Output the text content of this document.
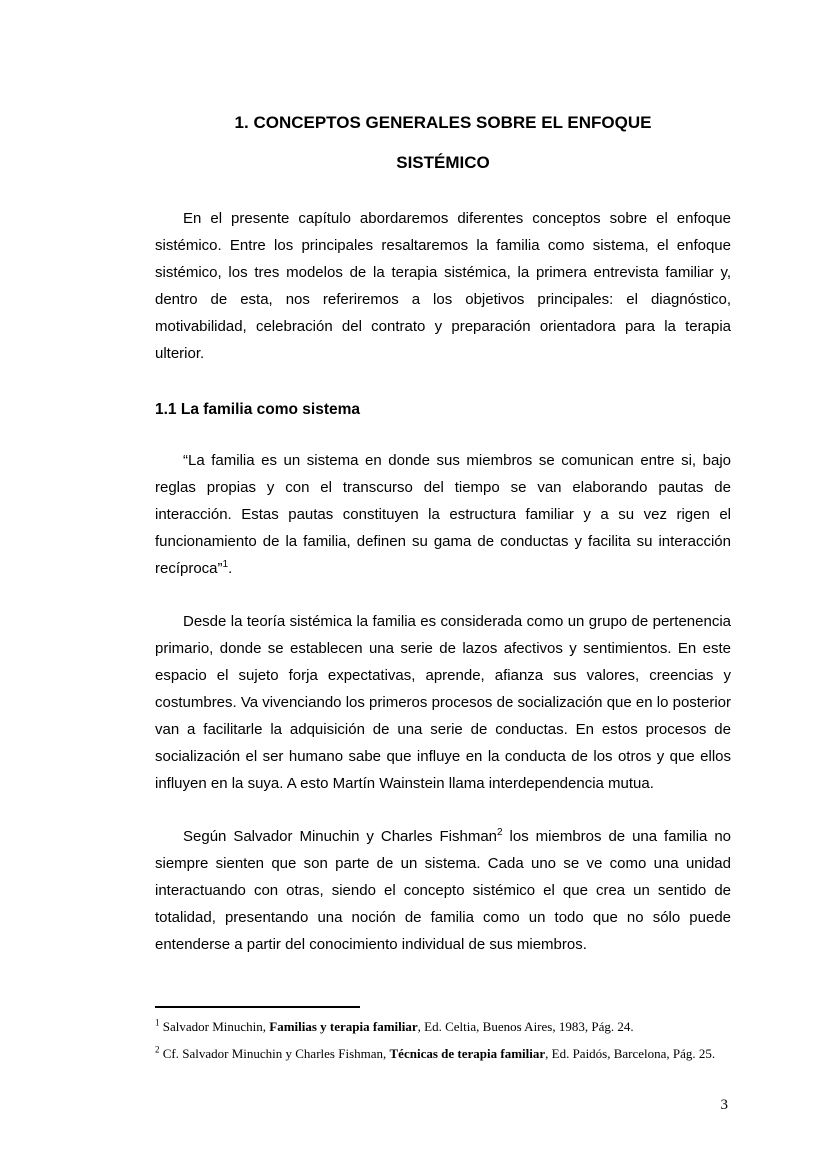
1. CONCEPTOS GENERALES SOBRE EL ENFOQUE
SISTÉMICO

En el presente capítulo abordaremos diferentes conceptos sobre el enfoque sistémico. Entre los principales resaltaremos la familia como sistema, el enfoque sistémico, los tres modelos de la terapia sistémica, la primera entrevista familiar y, dentro de esta, nos referiremos a los objetivos principales: el diagnóstico, motivabilidad, celebración del contrato y preparación orientadora para la terapia ulterior.

1.1 La familia como sistema

“La familia es un sistema en donde sus miembros se comunican entre si, bajo reglas propias y con el transcurso del tiempo se van elaborando pautas de interacción. Estas pautas constituyen la estructura familiar y a su vez rigen el funcionamiento de la familia, definen su gama de conductas y facilita su interacción recíproca”$^1$.

Desde la teoría sistémica la familia es considerada como un grupo de pertenencia primario, donde se establecen una serie de lazos afectivos y sentimientos. En este espacio el sujeto forja expectativas, aprende, afianza sus valores, creencias y costumbres. Va vivenciando los primeros procesos de socialización que en lo posterior van a facilitarle la adquisición de una serie de conductas. En estos procesos de socialización el ser humano sabe que influye en la conducta de los otros y que ellos influyen en la suya. A esto Martín Wainstein llama interdependencia mutua.

Según Salvador Minuchin y Charles Fishman$^2$ los miembros de una familia no siempre sienten que son parte de un sistema. Cada uno se ve como una unidad interactuando con otras, siendo el concepto sistémico el que crea un sentido de totalidad, presentando una noción de familia como un todo que no sólo puede entenderse a partir del conocimiento individual de sus miembros.

$^1$ Salvador Minuchin, Familias y terapia familiar, Ed. Celtia, Buenos Aires, 1983, Pág. 24.
$^2$ Cf. Salvador Minuchin y Charles Fishman, Técnicas de terapia familiar, Ed. Paidós, Barcelona, Pág. 25.
3
